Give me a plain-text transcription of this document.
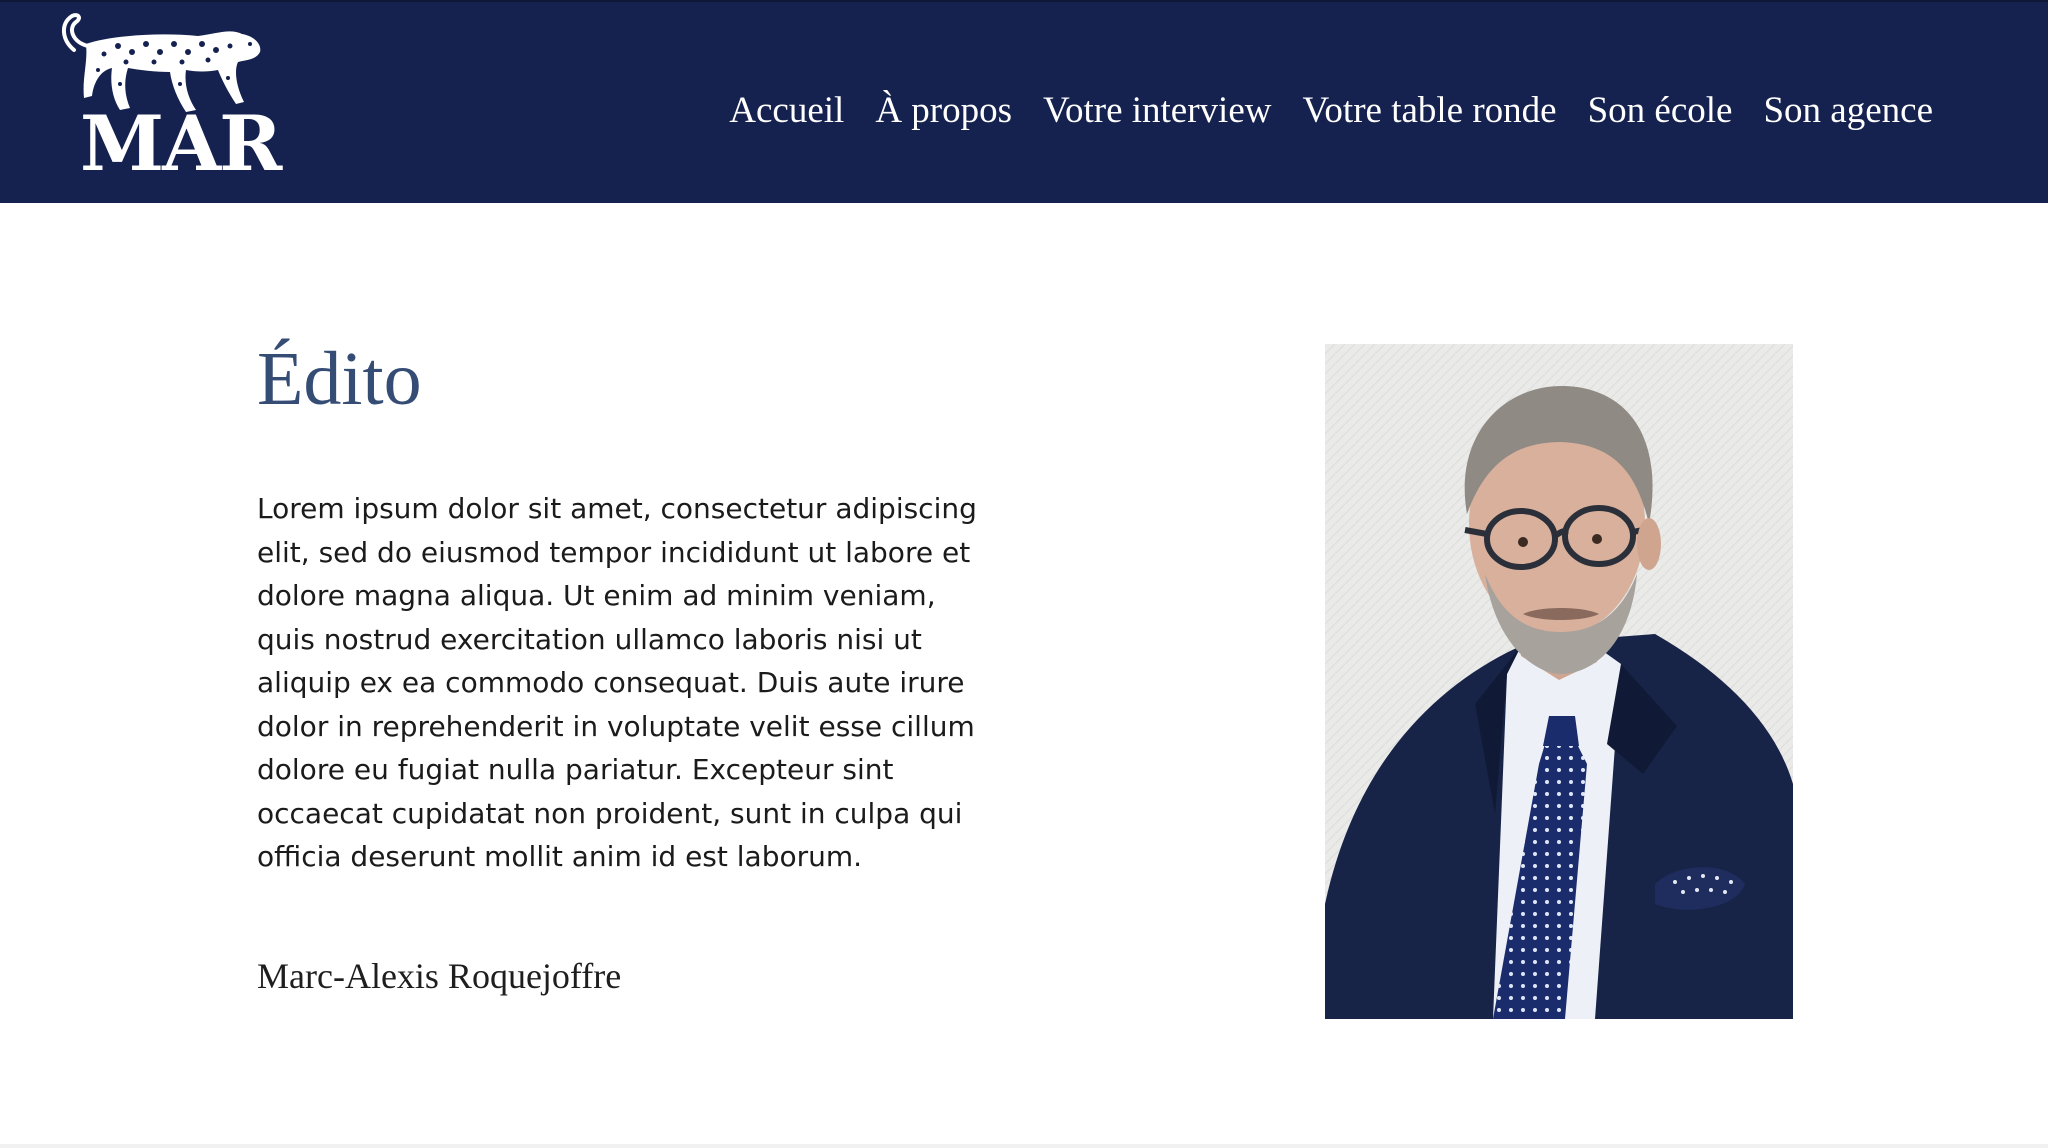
MAR	Accueil À propos Votre interview Votre table ronde Son école Son agence
Édito

Lorem ipsum dolor sit amet, consectetur adipiscing elit, sed do eiusmod tempor incididunt ut labore et dolore magna aliqua. Ut enim ad minim veniam, quis nostrud exercitation ullamco laboris nisi ut aliquip ex ea commodo consequat. Duis aute irure dolor in reprehenderit in voluptate velit esse cillum dolore eu fugiat nulla pariatur. Excepteur sint occaecat cupidatat non proident, sunt in culpa qui officia deserunt mollit anim id est laborum.

Marc-Alexis Roquejoffre
